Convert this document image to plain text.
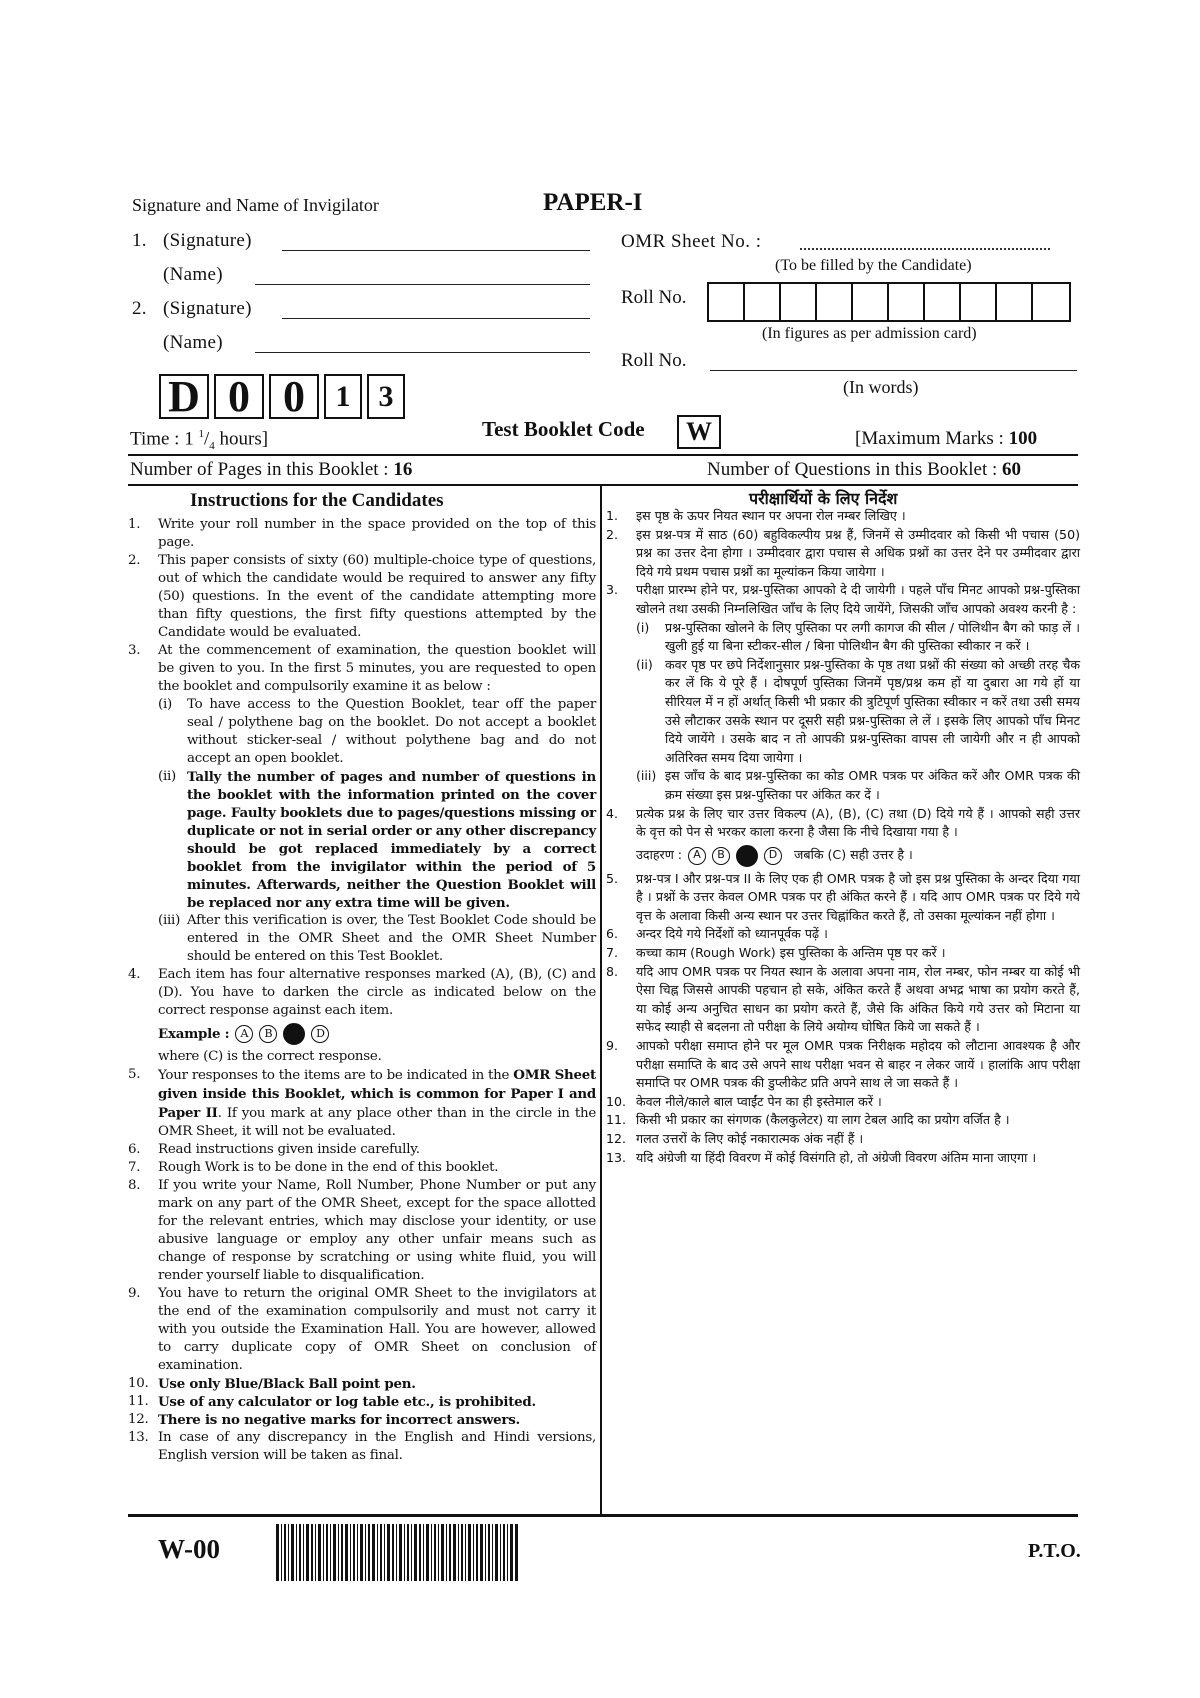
Signature and Name of Invigilator	PAPER-I
1. (Signature)
(Name)
2. (Signature)
(Name)
OMR Sheet No. :
(To be filled by the Candidate)
Roll No.
(In figures as per admission card)
Roll No.
(In words)
D 0 0	1 3
Time : 1 $^1/_4$ hours]	Test Booklet Code	W	[Maximum Marks : 100
Number of Pages in this Booklet : 16	Number of Questions in this Booklet : 60
Instructions for the Candidates
1.	Write your roll number in the space provided on the top of this page.
2.	This paper consists of sixty (60) multiple-choice type of questions, out of which the candidate would be required to answer any fifty (50) questions. In the event of the candidate attempting more than fifty questions, the first fifty questions attempted by the Candidate would be evaluated.
3.	At the commencement of examination, the question booklet will be given to you. In the first 5 minutes, you are requested to open the booklet and compulsorily examine it as below :
(i)	To have access to the Question Booklet, tear off the paper seal / polythene bag on the booklet. Do not accept a booklet without sticker-seal / without polythene bag and do not accept an open booklet.
(ii) Tally the number of pages and number of questions in the booklet with the information printed on the cover page. Faulty booklets due to pages/questions missing or duplicate or not in serial order or any other discrepancy should be got replaced immediately by a correct booklet from the invigilator within the period of 5 minutes. Afterwards, neither the Question Booklet will be replaced nor any extra time will be given.
(iii) After this verification is over, the Test Booklet Code should be entered in the OMR Sheet and the OMR Sheet Number should be entered on this Test Booklet.
4.	Each item has four alternative responses marked (A), (B), (C) and (D). You have to darken the circle as indicated below on the correct response against each item.
Example :	A	B	D
where (C) is the correct response.
5.	Your responses to the items are to be indicated in the OMR Sheet given inside this Booklet, which is common for Paper I and Paper II. If you mark at any place other than in the circle in the OMR Sheet, it will not be evaluated.
6.	Read instructions given inside carefully.
7.	Rough Work is to be done in the end of this booklet.
8.	If you write your Name, Roll Number, Phone Number or put any mark on any part of the OMR Sheet, except for the space allotted for the relevant entries, which may disclose your identity, or use abusive language or employ any other unfair means such as change of response by scratching or using white fluid, you will render yourself liable to disqualification.
9.	You have to return the original OMR Sheet to the invigilators at the end of the examination compulsorily and must not carry it with you outside the Examination Hall. You are however, allowed to carry duplicate copy of OMR Sheet on conclusion of examination.
10. Use only Blue/Black Ball point pen.
11. Use of any calculator or log table etc., is prohibited.
12. There is no negative marks for incorrect answers.
13. In case of any discrepancy in the English and Hindi versions, English version will be taken as final.
परीक्षार्थियों के लिए निर्देश
1.	इस पृष्ठ के ऊपर नियत स्थान पर अपना रोल नम्बर लिखिए ।
2.	इस प्रश्न-पत्र में साठ (60) बहुविकल्पीय प्रश्न हैं, जिनमें से उम्मीदवार को किसी भी पचास (50) प्रश्न का उत्तर देना होगा । उम्मीदवार द्वारा पचास से अधिक प्रश्नों का उत्तर देने पर उम्मीदवार द्वारा दिये गये प्रथम पचास प्रश्नों का मूल्यांकन किया जायेगा ।
3.	परीक्षा प्रारम्भ होने पर, प्रश्न-पुस्तिका आपको दे दी जायेगी । पहले पाँच मिनट आपको प्रश्न-पुस्तिका खोलने तथा उसकी निम्नलिखित जाँच के लिए दिये जायेंगे, जिसकी जाँच आपको अवश्य करनी है :
(i)	प्रश्न-पुस्तिका खोलने के लिए पुस्तिका पर लगी कागज की सील / पोलिथीन बैग को फाड़ लें । खुली हुई या बिना स्टीकर-सील / बिना पोलिथीन बैग की पुस्तिका स्वीकार न करें ।
(ii) कवर पृष्ठ पर छपे निर्देशानुसार प्रश्न-पुस्तिका के पृष्ठ तथा प्रश्नों की संख्या को अच्छी तरह चैक कर लें कि ये पूरे हैं । दोषपूर्ण पुस्तिका जिनमें पृष्ठ/प्रश्न कम हों या दुबारा आ गये हों या सीरियल में न हों अर्थात् किसी भी प्रकार की त्रुटिपूर्ण पुस्तिका स्वीकार न करें तथा उसी समय उसे लौटाकर उसके स्थान पर दूसरी सही प्रश्न-पुस्तिका ले लें । इसके लिए आपको पाँच मिनट दिये जायेंगे । उसके बाद न तो आपकी प्रश्न-पुस्तिका वापस ली जायेगी और न ही आपको अतिरिक्त समय दिया जायेगा ।
(iii) इस जाँच के बाद प्रश्न-पुस्तिका का कोड OMR पत्रक पर अंकित करें और OMR पत्रक की क्रम संख्या इस प्रश्न-पुस्तिका पर अंकित कर दें ।
4.	प्रत्येक प्रश्न के लिए चार उत्तर विकल्प (A), (B), (C) तथा (D) दिये गये हैं । आपको सही उत्तर के वृत्त को पेन से भरकर काला करना है जैसा कि नीचे दिखाया गया है ।
उदाहरण :	A	B	D	जबकि (C) सही उत्तर है ।
5.	प्रश्न-पत्र I और प्रश्न-पत्र II के लिए एक ही OMR पत्रक है जो इस प्रश्न पुस्तिका के अन्दर दिया गया है । प्रश्नों के उत्तर केवल OMR पत्रक पर ही अंकित करने हैं । यदि आप OMR पत्रक पर दिये गये वृत्त के अलावा किसी अन्य स्थान पर उत्तर चिह्नांकित करते हैं, तो उसका मूल्यांकन नहीं होगा ।
6.	अन्दर दिये गये निर्देशों को ध्यानपूर्वक पढ़ें ।
7.	कच्चा काम (Rough Work) इस पुस्तिका के अन्तिम पृष्ठ पर करें ।
8.	यदि आप OMR पत्रक पर नियत स्थान के अलावा अपना नाम, रोल नम्बर, फोन नम्बर या कोई भी ऐसा चिह्न जिससे आपकी पहचान हो सके, अंकित करते हैं अथवा अभद्र भाषा का प्रयोग करते हैं, या कोई अन्य अनुचित साधन का प्रयोग करते हैं, जैसे कि अंकित किये गये उत्तर को मिटाना या सफेद स्याही से बदलना तो परीक्षा के लिये अयोग्य घोषित किये जा सकते हैं ।
9.	आपको परीक्षा समाप्त होने पर मूल OMR पत्रक निरीक्षक महोदय को लौटाना आवश्यक है और परीक्षा समाप्ति के बाद उसे अपने साथ परीक्षा भवन से बाहर न लेकर जायें । हालांकि आप परीक्षा समाप्ति पर OMR पत्रक की डुप्लीकेट प्रति अपने साथ ले जा सकते हैं ।
10. केवल नीले/काले बाल प्वाईंट पेन का ही इस्तेमाल करें ।
11. किसी भी प्रकार का संगणक (कैलकुलेटर) या लाग टेबल आदि का प्रयोग वर्जित है ।
12. गलत उत्तरों के लिए कोई नकारात्मक अंक नहीं हैं ।
13. यदि अंग्रेजी या हिंदी विवरण में कोई विसंगति हो, तो अंग्रेजी विवरण अंतिम माना जाएगा ।
W-00	P.T.O.
